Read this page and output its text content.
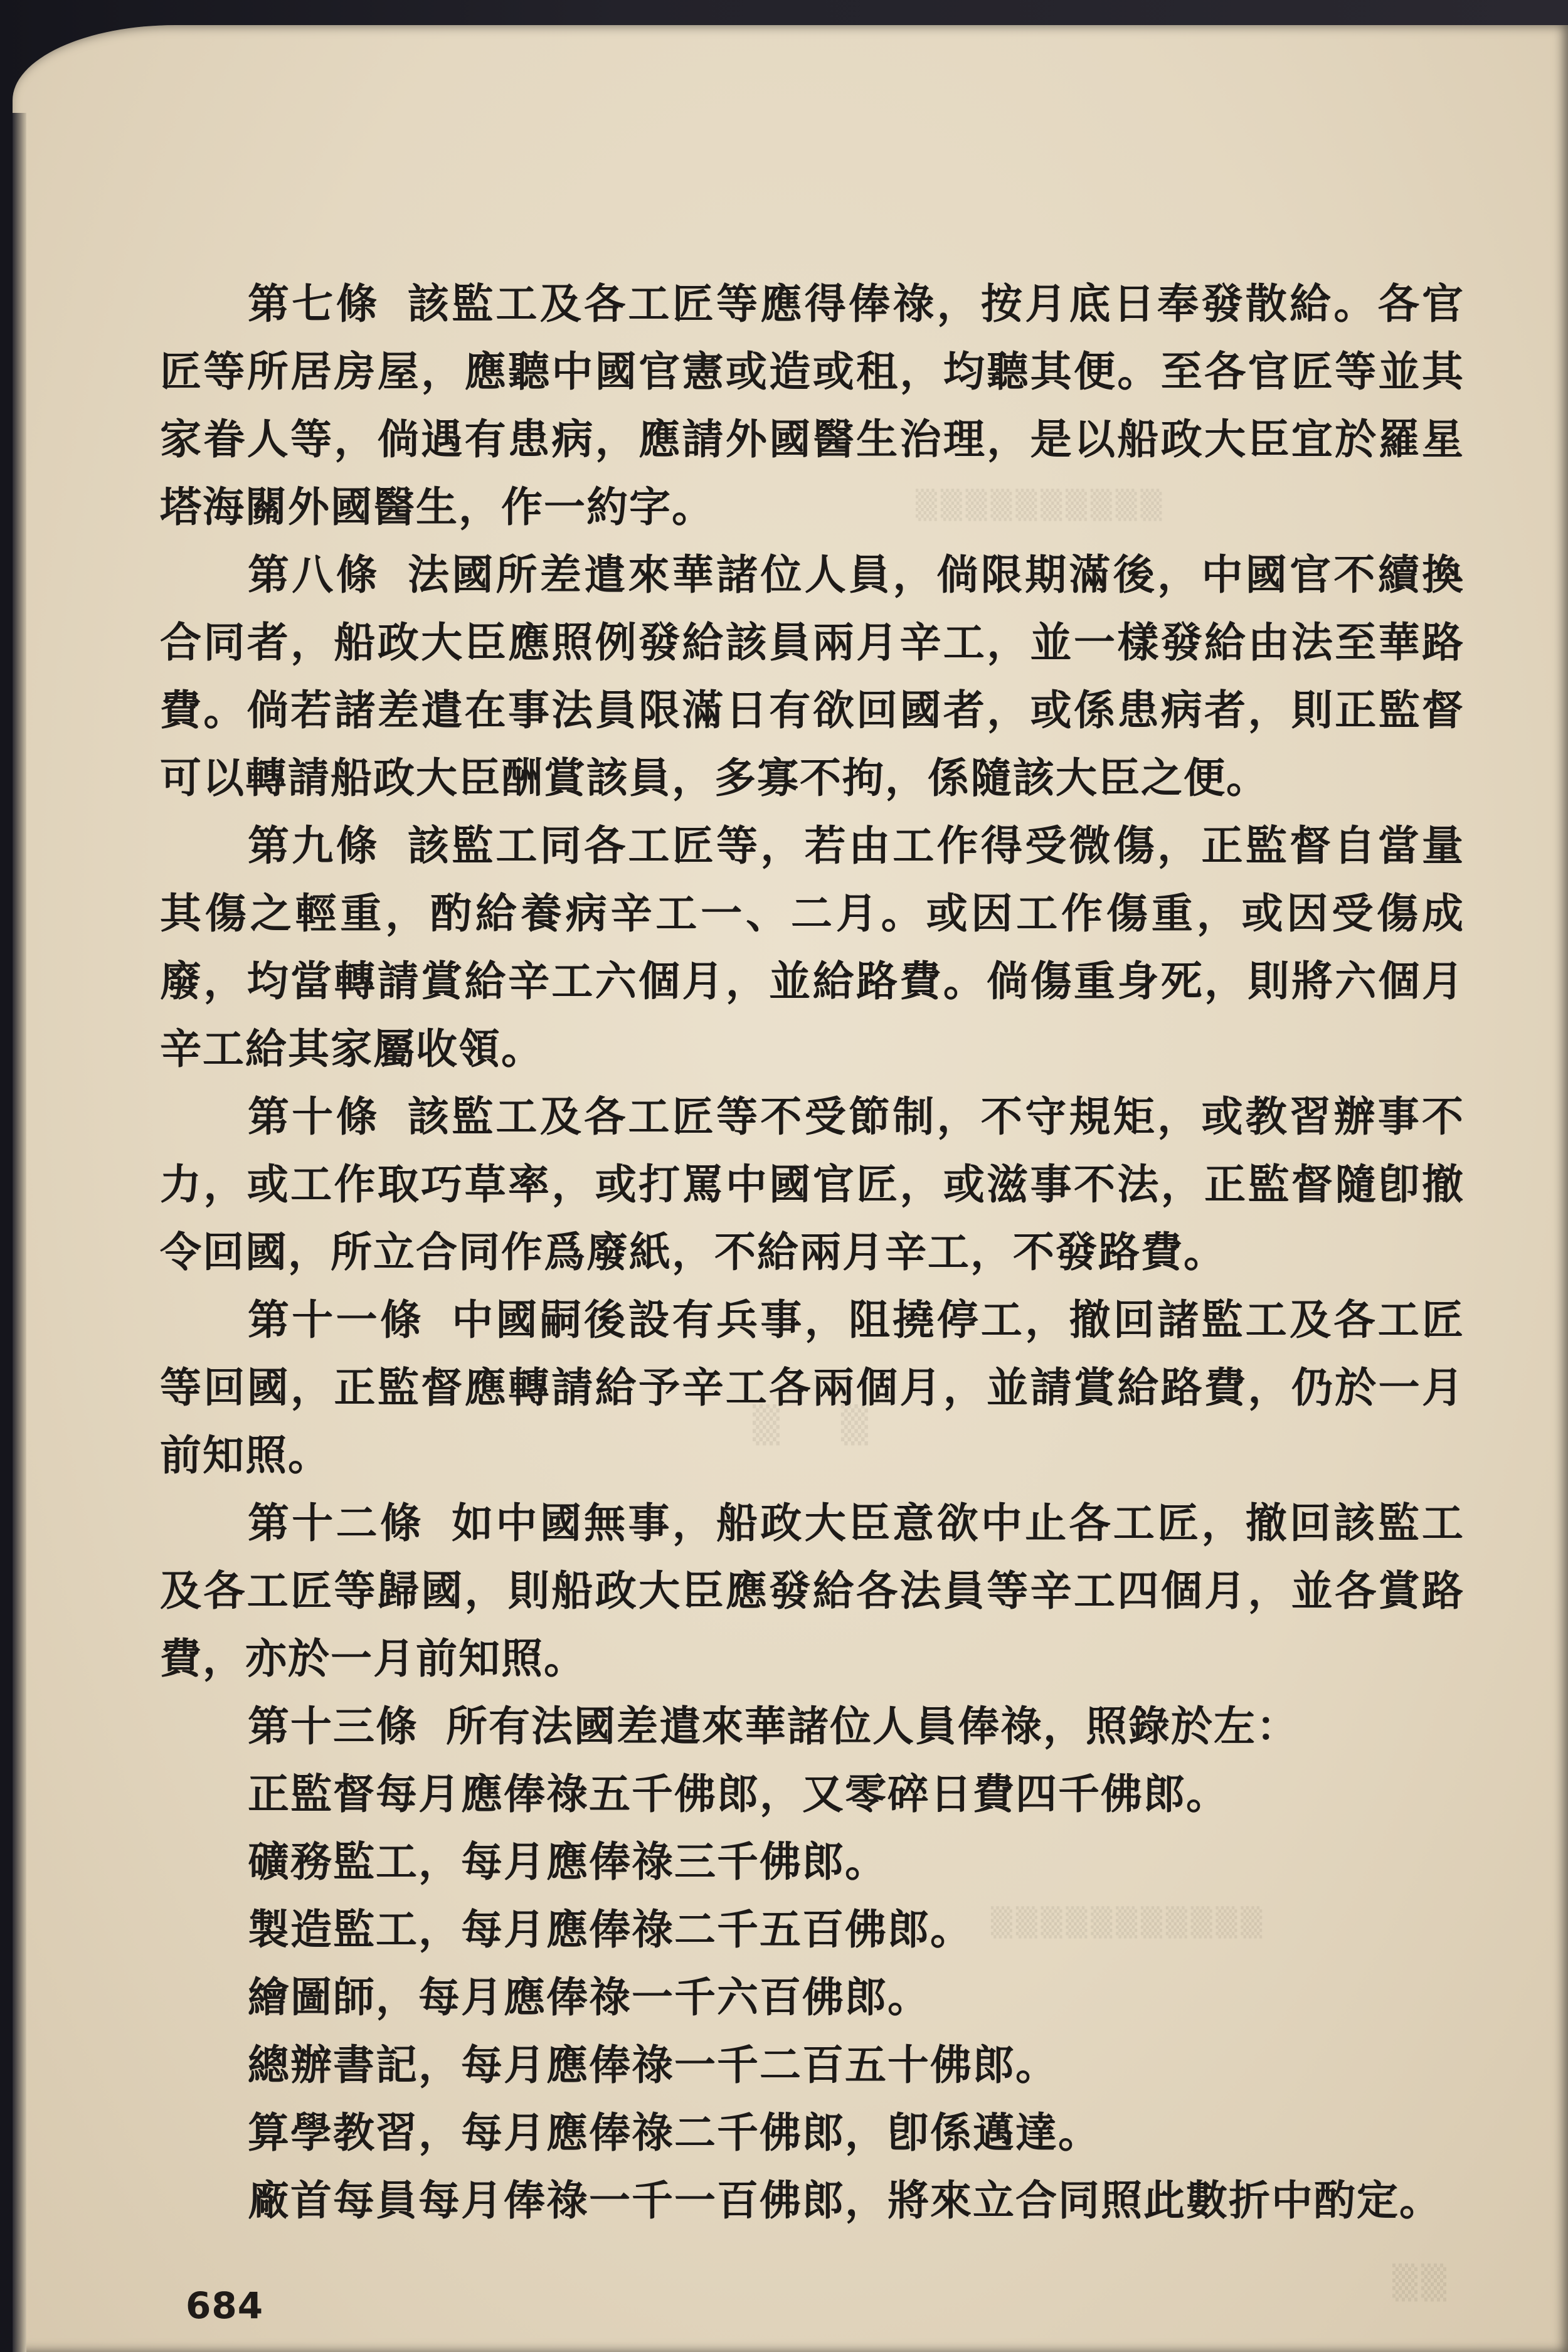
▒▒▒▒▒▒▒▒▒▒
▒ ▒
▒▒▒▒▒▒▒▒▒▒▒
▒▒

第七條 該監工及各工匠等應得俸祿，按月底日奉發散給。各官匠等所居房屋，應聽中國官憲或造或租，均聽其便。至各官匠等並其家眷人等，倘遇有患病，應請外國醫生治理，是以船政大臣宜於羅星塔海關外國醫生，作一約字。

第八條 法國所差遣來華諸位人員，倘限期滿後，中國官不續換合同者，船政大臣應照例發給該員兩月辛工，並一樣發給由法至華路費。倘若諸差遣在事法員限滿日有欲回國者，或係患病者，則正監督可以轉請船政大臣酬賞該員，多寡不拘，係隨該大臣之便。

第九條 該監工同各工匠等，若由工作得受微傷，正監督自當量其傷之輕重，酌給養病辛工一、二月。或因工作傷重，或因受傷成廢，均當轉請賞給辛工六個月，並給路費。倘傷重身死，則將六個月辛工給其家屬收領。

第十條 該監工及各工匠等不受節制，不守規矩，或教習辦事不力，或工作取巧草率，或打罵中國官匠，或滋事不法，正監督隨卽撤令回國，所立合同作爲廢紙，不給兩月辛工，不發路費。

第十一條 中國嗣後設有兵事，阻撓停工，撤回諸監工及各工匠等回國，正監督應轉請給予辛工各兩個月，並請賞給路費，仍於一月前知照。

第十二條 如中國無事，船政大臣意欲中止各工匠，撤回該監工及各工匠等歸國，則船政大臣應發給各法員等辛工四個月，並各賞路費，亦於一月前知照。

第十三條 所有法國差遣來華諸位人員俸祿，照錄於左：

正監督每月應俸祿五千佛郎，又零碎日費四千佛郎。

礦務監工，每月應俸祿三千佛郎。

製造監工，每月應俸祿二千五百佛郎。

繪圖師，每月應俸祿一千六百佛郎。

總辦書記，每月應俸祿一千二百五十佛郎。

算學教習，每月應俸祿二千佛郎，卽係邁達。

廠首每員每月俸祿一千一百佛郎，將來立合同照此數折中酌定。

684
